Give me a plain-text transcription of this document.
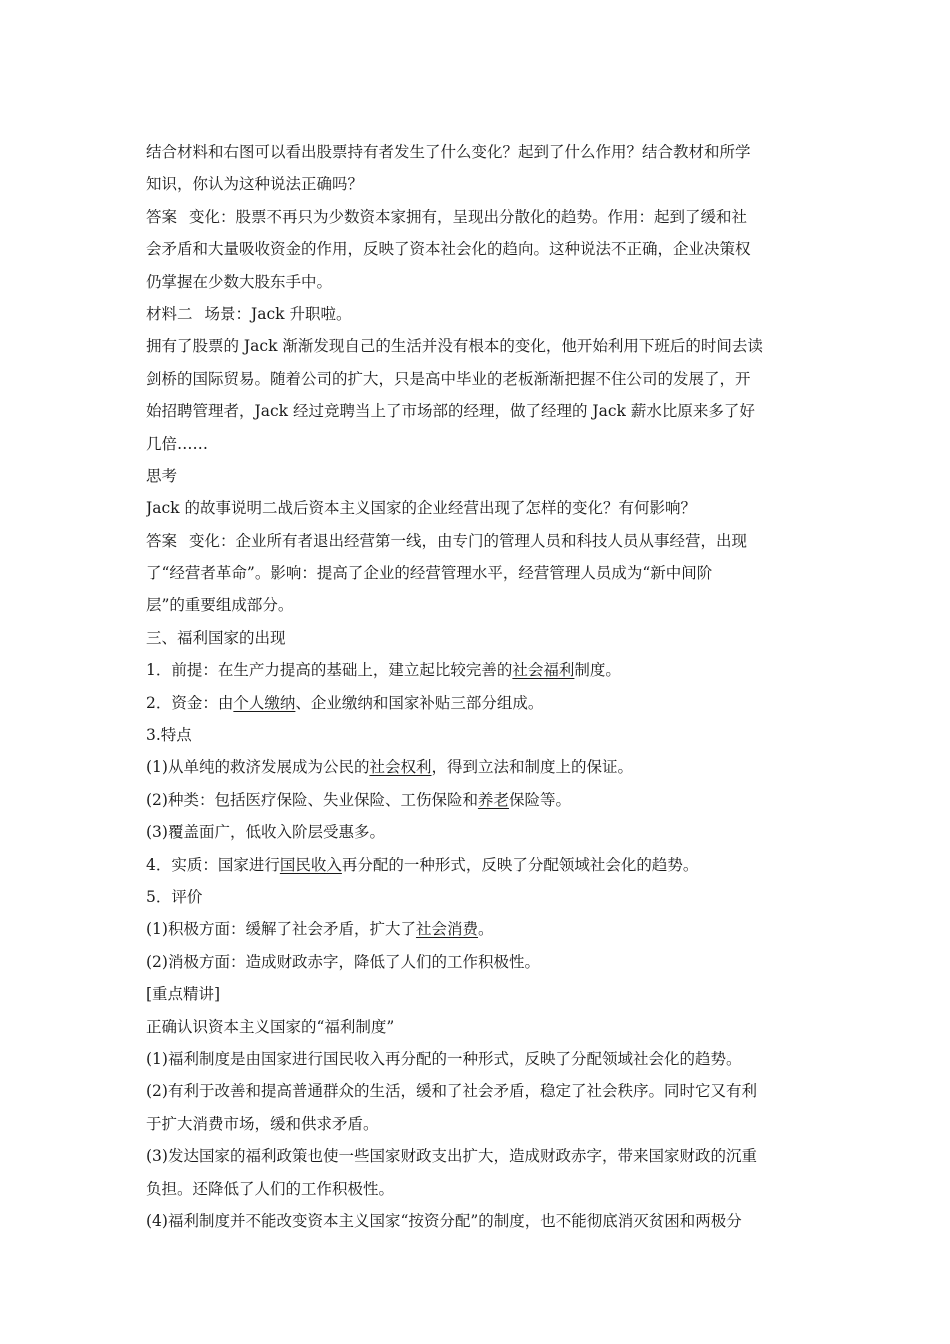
结合材料和右图可以看出股票持有者发生了什么变化？起到了什么作用？结合教材和所学
知识，你认为这种说法正确吗？
答案 变化：股票不再只为少数资本家拥有，呈现出分散化的趋势。作用：起到了缓和社
会矛盾和大量吸收资金的作用，反映了资本社会化的趋向。这种说法不正确，企业决策权
仍掌握在少数大股东手中。
材料二 场景：Jack 升职啦。
拥有了股票的 Jack 渐渐发现自己的生活并没有根本的变化，他开始利用下班后的时间去读
剑桥的国际贸易。随着公司的扩大，只是高中毕业的老板渐渐把握不住公司的发展了，开
始招聘管理者，Jack 经过竞聘当上了市场部的经理，做了经理的 Jack 薪水比原来多了好
几倍……
思考
Jack 的故事说明二战后资本主义国家的企业经营出现了怎样的变化？有何影响？
答案 变化：企业所有者退出经营第一线，由专门的管理人员和科技人员从事经营，出现
了“经营者革命”。影响：提高了企业的经营管理水平，经营管理人员成为“新中间阶
层”的重要组成部分。
三、福利国家的出现
1．前提：在生产力提高的基础上，建立起比较完善的社会福利制度。
2．资金：由个人缴纳、企业缴纳和国家补贴三部分组成。
3.特点
(1)从单纯的救济发展成为公民的社会权利，得到立法和制度上的保证。
(2)种类：包括医疗保险、失业保险、工伤保险和养老保险等。
(3)覆盖面广，低收入阶层受惠多。
4．实质：国家进行国民收入再分配的一种形式，反映了分配领域社会化的趋势。
5．评价
(1)积极方面：缓解了社会矛盾，扩大了社会消费。
(2)消极方面：造成财政赤字，降低了人们的工作积极性。
[重点精讲]
正确认识资本主义国家的“福利制度”
(1)福利制度是由国家进行国民收入再分配的一种形式，反映了分配领域社会化的趋势。
(2)有利于改善和提高普通群众的生活，缓和了社会矛盾，稳定了社会秩序。同时它又有利
于扩大消费市场，缓和供求矛盾。
(3)发达国家的福利政策也使一些国家财政支出扩大，造成财政赤字，带来国家财政的沉重
负担。还降低了人们的工作积极性。
(4)福利制度并不能改变资本主义国家“按资分配”的制度，也不能彻底消灭贫困和两极分
